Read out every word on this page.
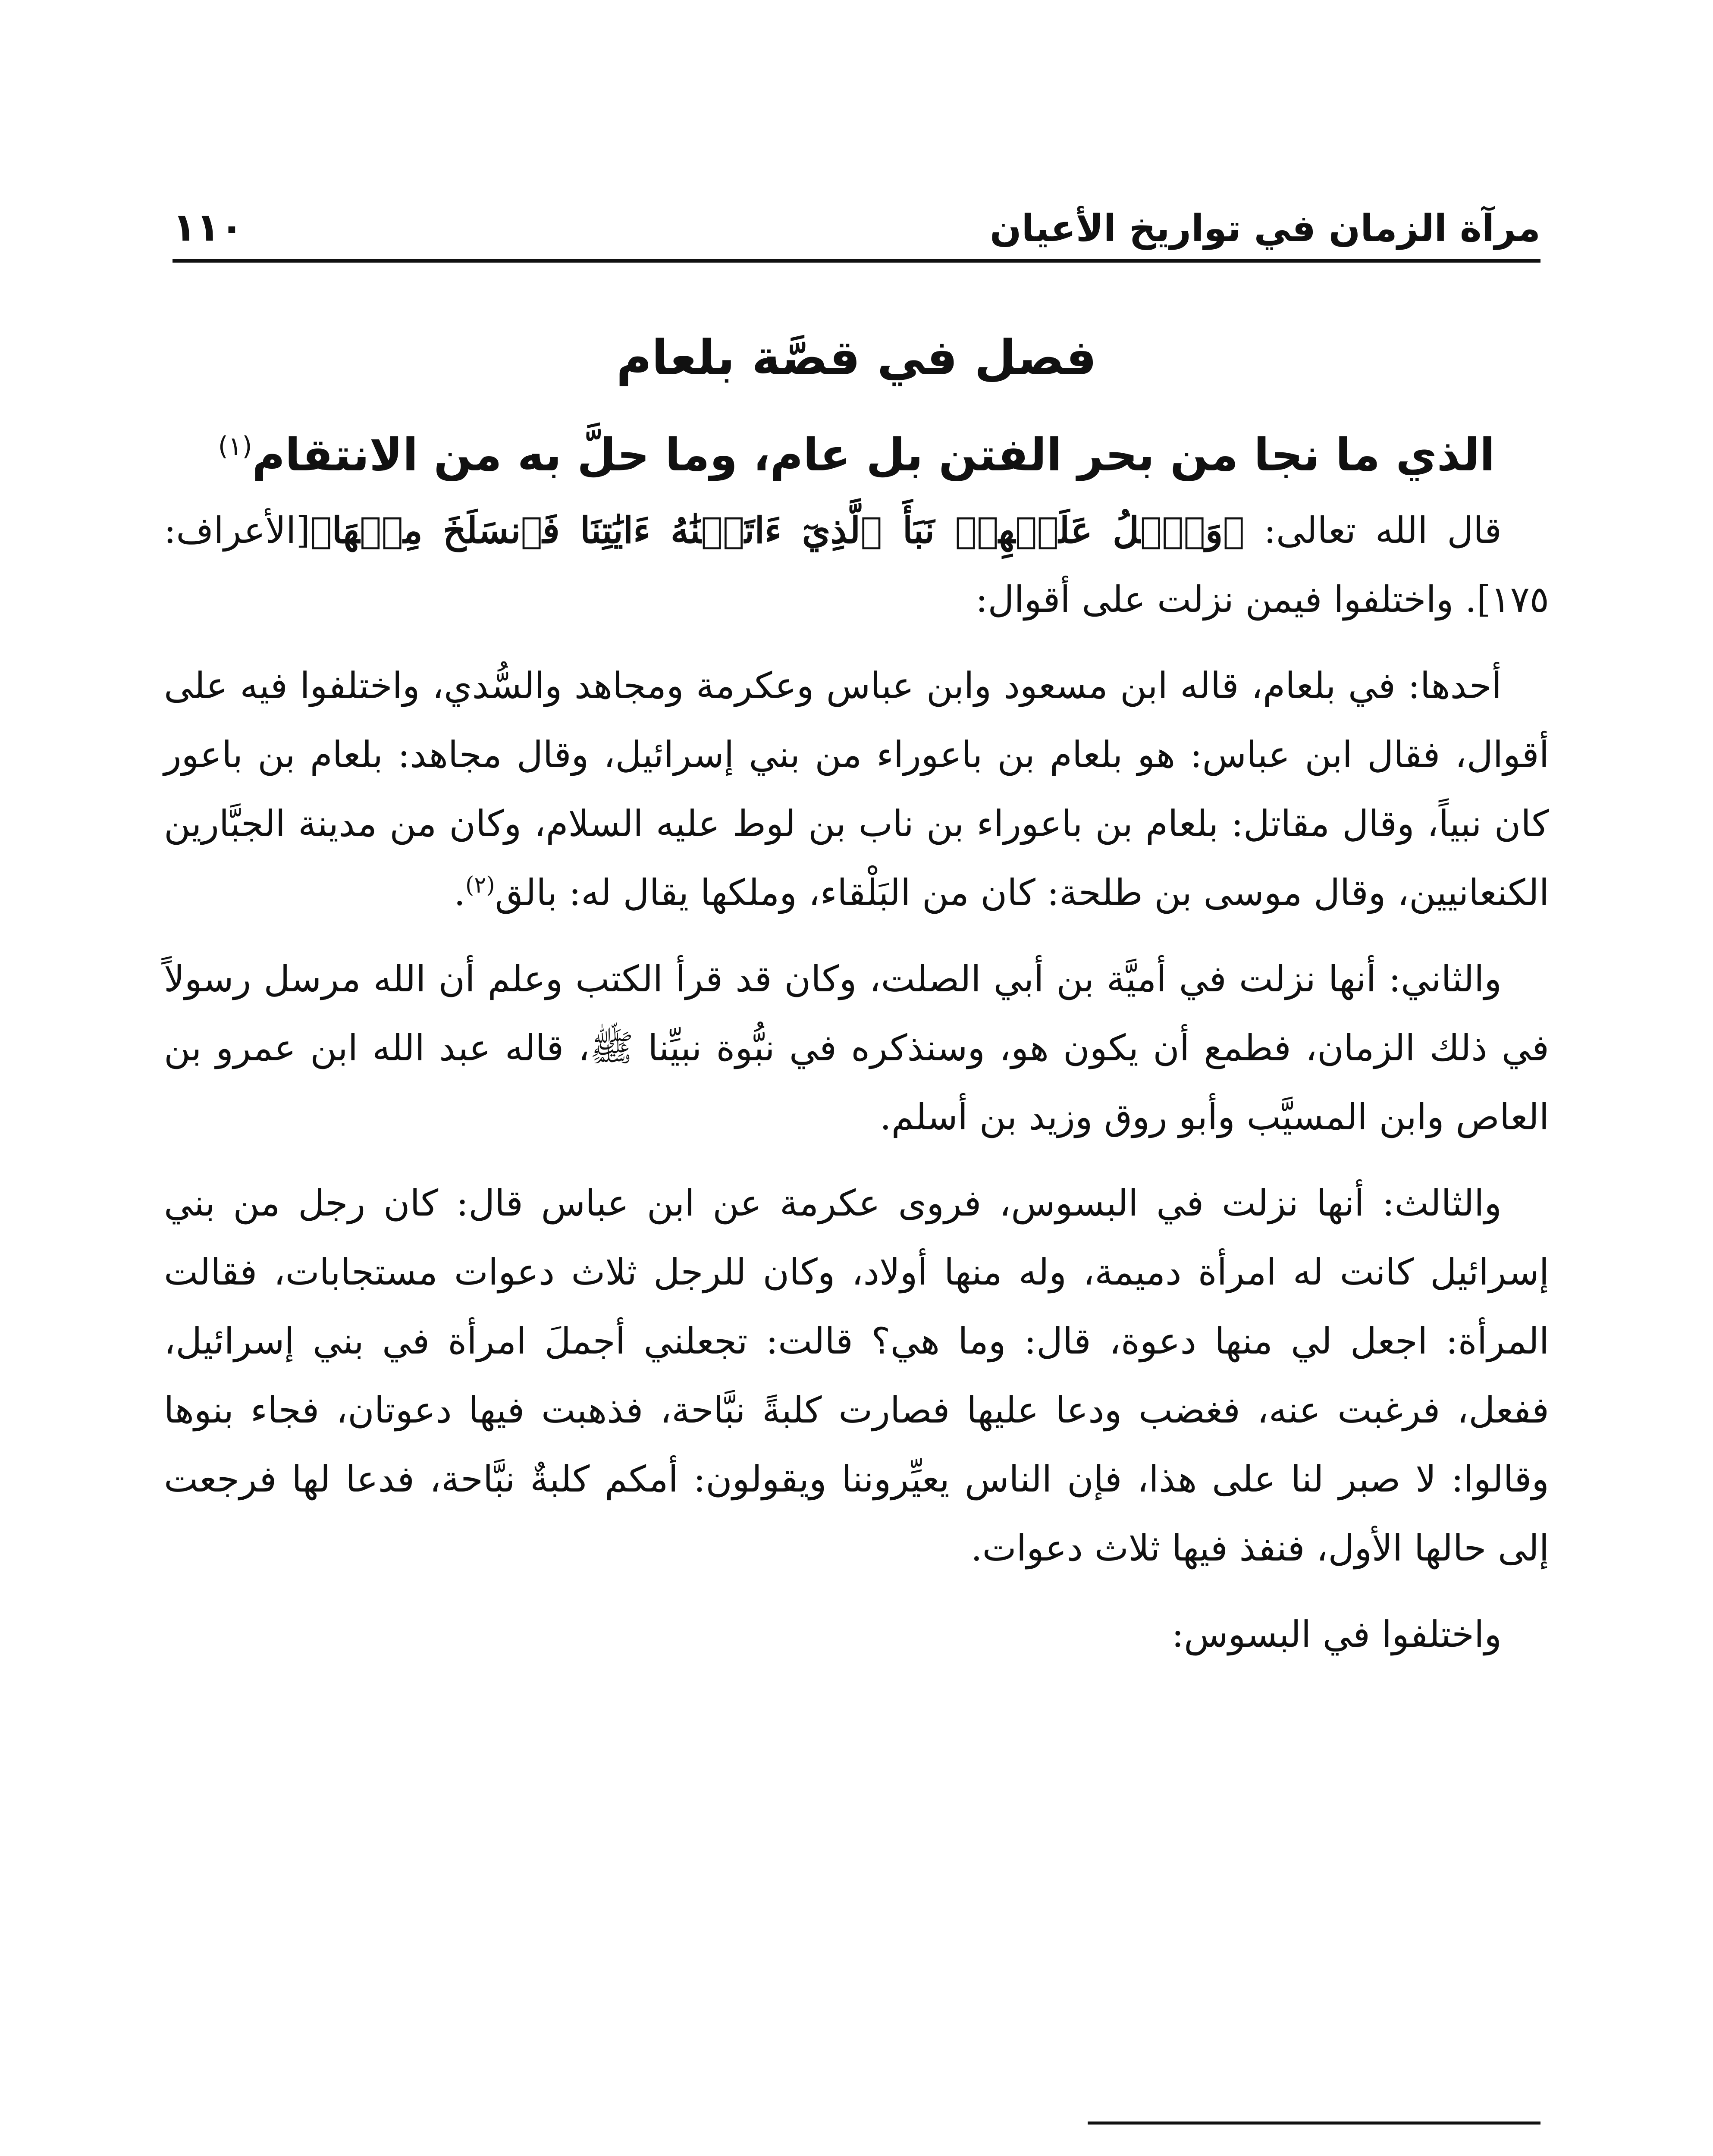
مرآة الزمان في تواريخ الأعيان
١١٠
فصل في قصَّة بلعام
الذي ما نجا من بحر الفتن بل عام، وما حلَّ به من الانتقام$^{(١)}$

قال الله تعالى: ﴿وَٱتۡلُ عَلَيۡهِمۡ نَبَأَ ٱلَّذِيٓ ءَاتَيۡنَٰهُ ءَايَٰتِنَا فَٱنسَلَخَ مِنۡهَا﴾[الأعراف: ١٧٥]. واختلفوا فيمن نزلت على أقوال:

أحدها: في بلعام، قاله ابن مسعود وابن عباس وعكرمة ومجاهد والسُّدي، واختلفوا فيه على أقوال، فقال ابن عباس: هو بلعام بن باعوراء من بني إسرائيل، وقال مجاهد: بلعام بن باعور كان نبياً، وقال مقاتل: بلعام بن باعوراء بن ناب بن لوط عليه السلام، وكان من مدينة الجبَّارين الكنعانيين، وقال موسى بن طلحة: كان من البَلْقاء، وملكها يقال له: بالق$^{(٢)}$.

والثاني: أنها نزلت في أميَّة بن أبي الصلت، وكان قد قرأ الكتب وعلم أن الله مرسل رسولاً في ذلك الزمان، فطمع أن يكون هو، وسنذكره في نبُّوة نبيِّنا ﷺ، قاله عبد الله ابن عمرو بن العاص وابن المسيَّب وأبو روق وزيد بن أسلم.

والثالث: أنها نزلت في البسوس، فروى عكرمة عن ابن عباس قال: كان رجل من بني إسرائيل كانت له امرأة دميمة، وله منها أولاد، وكان للرجل ثلاث دعوات مستجابات، فقالت المرأة: اجعل لي منها دعوة، قال: وما هي؟ قالت: تجعلني أجملَ امرأة في بني إسرائيل، ففعل، فرغبت عنه، فغضب ودعا عليها فصارت كلبةً نبَّاحة، فذهبت فيها دعوتان، فجاء بنوها وقالوا: لا صبر لنا على هذا، فإن الناس يعيِّروننا ويقولون: أمكم كلبةٌ نبَّاحة، فدعا لها فرجعت إلى حالها الأول، فنفذ فيها ثلاث دعوات.

واختلفوا في البسوس:
